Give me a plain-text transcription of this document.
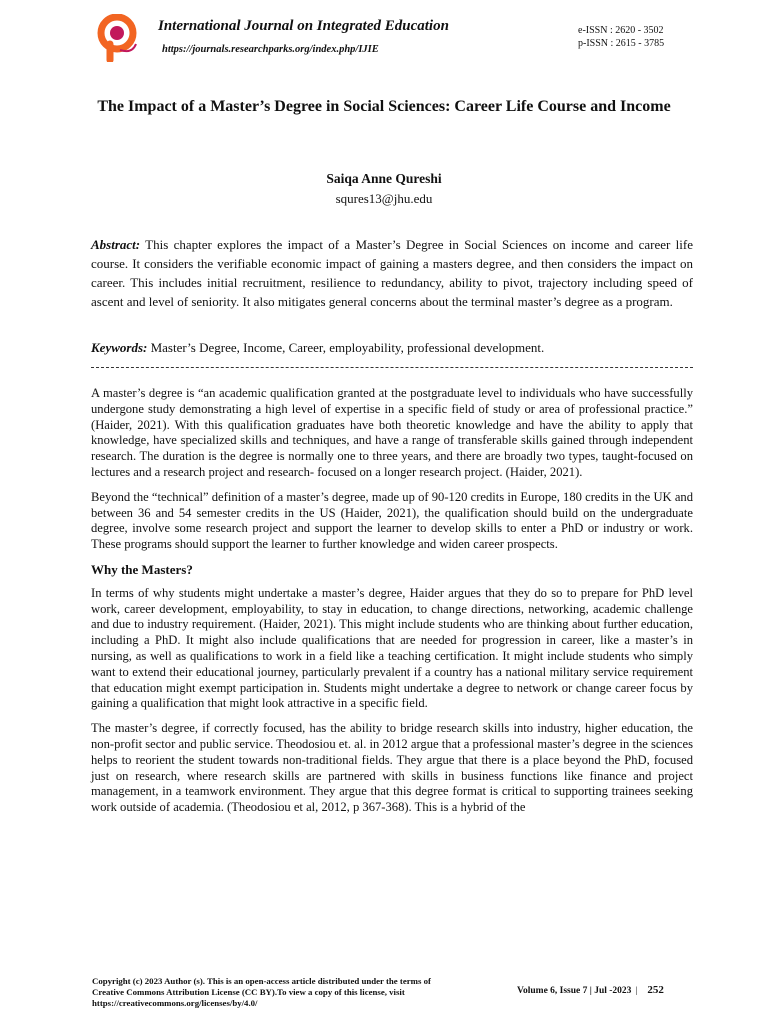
International Journal on Integrated Education
https://journals.researchparks.org/index.php/IJIE
e-ISSN : 2620 - 3502
p-ISSN : 2615 - 3785
The Impact of a Master’s Degree in Social Sciences: Career Life Course and Income
Saiqa Anne Qureshi
squres13@jhu.edu
Abstract: This chapter explores the impact of a Master’s Degree in Social Sciences on income and career life course. It considers the verifiable economic impact of gaining a masters degree, and then considers the impact on career. This includes initial recruitment, resilience to redundancy, ability to pivot, trajectory including speed of ascent and level of seniority. It also mitigates general concerns about the terminal master’s degree as a program.
Keywords: Master’s Degree, Income, Career, employability, professional development.

A master’s degree is “an academic qualification granted at the postgraduate level to individuals who have successfully undergone study demonstrating a high level of expertise in a specific field of study or area of professional practice.” (Haider, 2021). With this qualification graduates have both theoretic knowledge and have the ability to apply that knowledge, have specialized skills and techniques, and have a range of transferable skills gained through independent research. The duration is the degree is normally one to three years, and there are broadly two types, taught-focused on lectures and a research project and research- focused on a longer research project. (Haider, 2021).

Beyond the “technical” definition of a master’s degree, made up of 90-120 credits in Europe, 180 credits in the UK and between 36 and 54 semester credits in the US (Haider, 2021), the qualification should build on the undergraduate degree, involve some research project and support the learner to develop skills to enter a PhD or industry or work. These programs should support the learner to further knowledge and widen career prospects.

Why the Masters?

In terms of why students might undertake a master’s degree, Haider argues that they do so to prepare for PhD level work, career development, employability, to stay in education, to change directions, networking, academic challenge and due to industry requirement. (Haider, 2021). This might include students who are thinking about further education, including a PhD. It might also include qualifications that are needed for progression in career, like a master’s in nursing, as well as qualifications to work in a field like a teaching certification. It might include students who simply want to extend their educational journey, particularly prevalent if a country has a national military service requirement that education might exempt participation in. Students might undertake a degree to network or change career focus by gaining a qualification that might look attractive in a specific field.

The master’s degree, if correctly focused, has the ability to bridge research skills into industry, higher education, the non-profit sector and public service. Theodosiou et. al. in 2012 argue that a professional master’s degree in the sciences helps to reorient the student towards non-traditional fields. They argue that there is a place beyond the PhD, focused just on research, where research skills are partnered with skills in business functions like finance and project management, in a teamwork environment. They argue that this degree format is critical to supporting trainees seeking work outside of academia. (Theodosiou et al, 2012, p 367-368). This is a hybrid of the

Copyright (c) 2023 Author (s). This is an open-access article distributed under the terms of Creative Commons Attribution License (CC BY).To view a copy of this license, visit https://creativecommons.org/licenses/by/4.0/
Volume 6, Issue 7 | Jul -2023 | 252
